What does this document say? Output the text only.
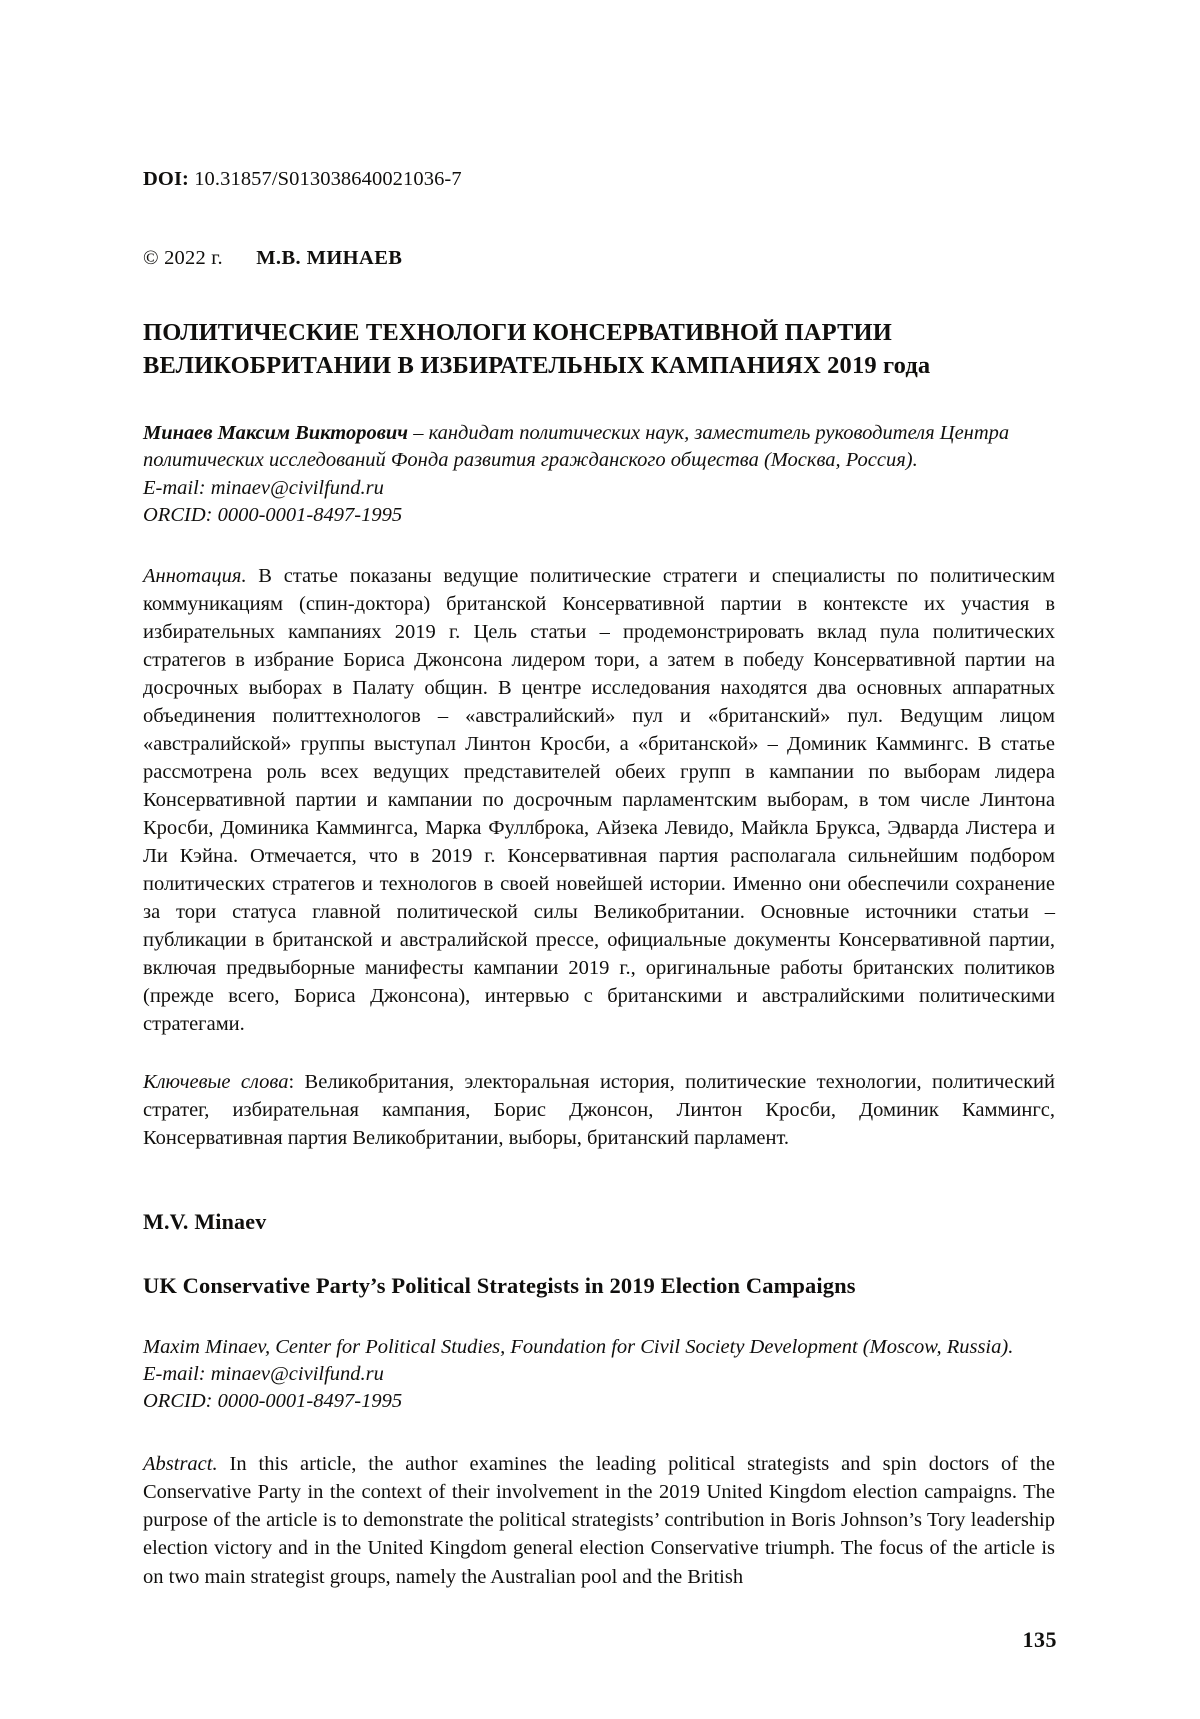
DOI: 10.31857/S013038640021036-7
© 2022 г. М.В. МИНАЕВ
ПОЛИТИЧЕСКИЕ ТЕХНОЛОГИ КОНСЕРВАТИВНОЙ ПАРТИИ ВЕЛИКОБРИТАНИИ В ИЗБИРАТЕЛЬНЫХ КАМПАНИЯХ 2019 года
Минаев Максим Викторович – кандидат политических наук, заместитель руководителя Центра политических исследований Фонда развития гражданского общества (Москва, Россия).
E-mail: minaev@civilfund.ru
ORCID: 0000-0001-8497-1995
Аннотация. В статье показаны ведущие политические стратеги и специалисты по политическим коммуникациям (спин-доктора) британской Консервативной партии в контексте их участия в избирательных кампаниях 2019 г. Цель статьи – продемонстрировать вклад пула политических стратегов в избрание Бориса Джонсона лидером тори, а затем в победу Консервативной партии на досрочных выборах в Палату общин. В центре исследования находятся два основных аппаратных объединения политтехнологов – «австралийский» пул и «британский» пул. Ведущим лицом «австралийской» группы выступал Линтон Кросби, а «британской» – Доминик Каммингс. В статье рассмотрена роль всех ведущих представителей обеих групп в кампании по выборам лидера Консервативной партии и кампании по досрочным парламентским выборам, в том числе Линтона Кросби, Доминика Каммингса, Марка Фуллброка, Айзека Левидо, Майкла Брукса, Эдварда Листера и Ли Кэйна. Отмечается, что в 2019 г. Консервативная партия располагала сильнейшим подбором политических стратегов и технологов в своей новейшей истории. Именно они обеспечили сохранение за тори статуса главной политической силы Великобритании. Основные источники статьи – публикации в британской и австралийской прессе, официальные документы Консервативной партии, включая предвыборные манифесты кампании 2019 г., оригинальные работы британских политиков (прежде всего, Бориса Джонсона), интервью с британскими и австралийскими политическими стратегами.
Ключевые слова: Великобритания, электоральная история, политические технологии, политический стратег, избирательная кампания, Борис Джонсон, Линтон Кросби, Доминик Каммингс, Консервативная партия Великобритании, выборы, британский парламент.
M.V. Minaev
UK Conservative Party’s Political Strategists in 2019 Election Campaigns
Maxim Minaev, Center for Political Studies, Foundation for Civil Society Development (Moscow, Russia).
E-mail: minaev@civilfund.ru
ORCID: 0000-0001-8497-1995
Abstract. In this article, the author examines the leading political strategists and spin doctors of the Conservative Party in the context of their involvement in the 2019 United Kingdom election campaigns. The purpose of the article is to demonstrate the political strategists’ contribution in Boris Johnson’s Tory leadership election victory and in the United Kingdom general election Conservative triumph. The focus of the article is on two main strategist groups, namely the Australian pool and the British
135
